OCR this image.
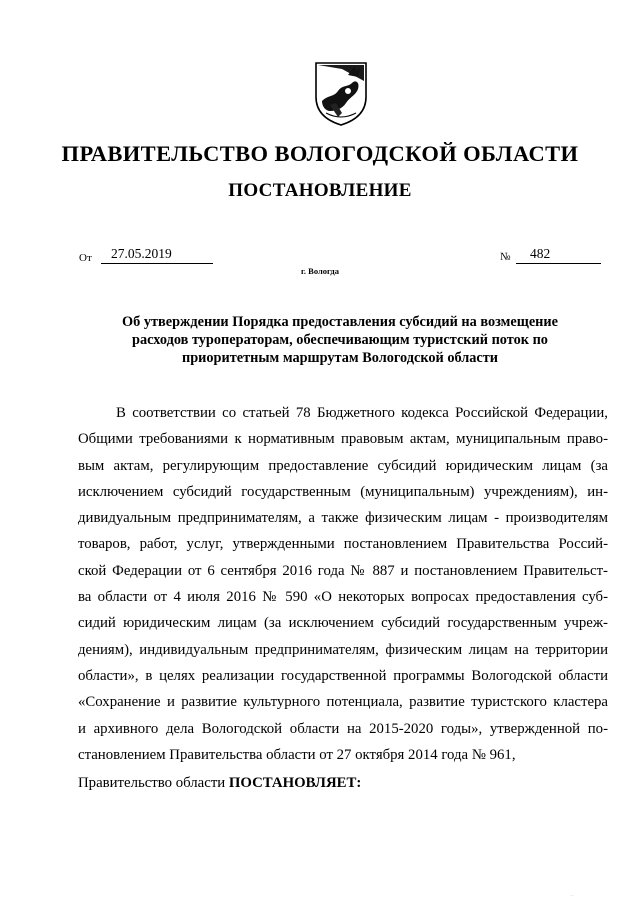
ПРАВИТЕЛЬСТВО ВОЛОГОДСКОЙ ОБЛАСТИ
ПОСТАНОВЛЕНИЕ
От 27.05.2019	№ 482
г. Вологда
Об утверждении Порядка предоставления субсидий на возмещение
расходов туроператорам, обеспечивающим туристский поток по
приоритетным маршрутам Вологодской области
В соответствии со статьей 78 Бюджетного кодекса Российской Федерации,
Общими требованиями к нормативным правовым актам, муниципальным право-
вым актам, регулирующим предоставление субсидий юридическим лицам (за
исключением субсидий государственным (муниципальным) учреждениям), ин-
дивидуальным предпринимателям, а также физическим лицам - производителям
товаров, работ, услуг, утвержденными постановлением Правительства Россий-
ской Федерации от 6 сентября 2016 года № 887 и постановлением Правительст-
ва области от 4 июля 2016 № 590 «О некоторых вопросах предоставления суб-
сидий юридическим лицам (за исключением субсидий государственным учреж-
дениям), индивидуальным предпринимателям, физическим лицам на территории
области», в целях реализации государственной программы Вологодской области
«Сохранение и развитие культурного потенциала, развитие туристского кластера
и архивного дела Вологодской области на 2015-2020 годы», утвержденной по-
становлением Правительства области от 27 октября 2014 года № 961,
Правительство области ПОСТАНОВЛЯЕТ:
˙˙
